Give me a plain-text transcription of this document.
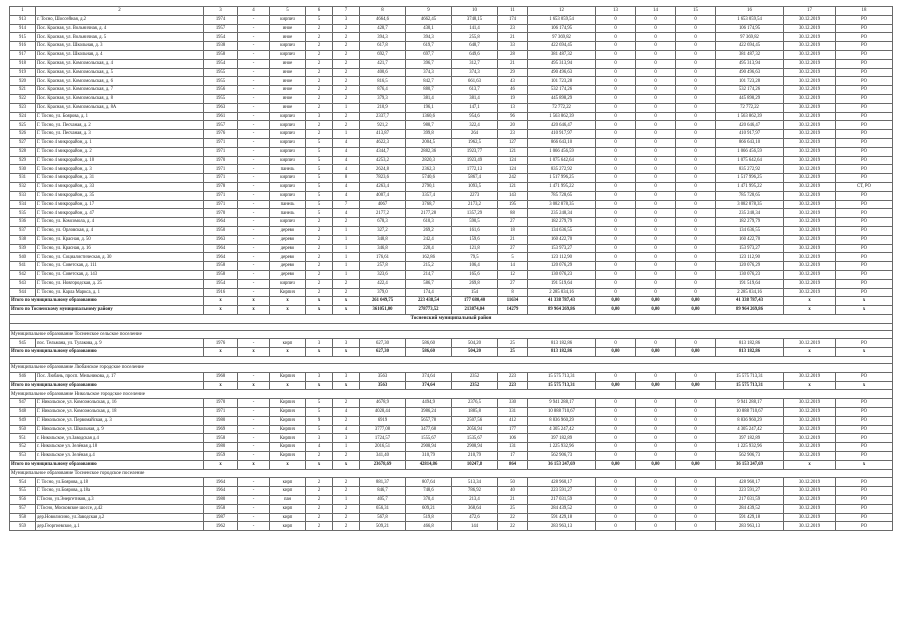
1	2	3	4	5	6	7	8	9	10	11	12	13	14	15	16	17	18
913	г. Тосно, Шоссейная, д.2	1974	-	кирпич	5	3	4664,6	4662,45	3748,15	174	1 653 059,54	0	0	0	1 653 059,54	30.12.2019	РО
914	Пос. Красная, ул. Вольничная, д. 4	1957	-	иное	2	2	428,7	430,1	141,4	23	106 174,95	0	0	0	106 174,95	30.12.2019	РО
915	Пос. Красная, ул. Вольничная, д. 5	1954	-	иное	2	2	394,3	394,3	255,8	21	97 369,82	0	0	0	97 369,82	30.12.2019	РО
916	Пос. Красная, ул. Школьная, д. 3	1938	-	кирпич	2	2	617,8	619,7	648,7	33	422 694,45	0	0	0	422 694,45	30.12.2019	РО
917	Пос. Красная, ул. Школьная, д. 4	1958	-	кирпич	2	2	692,7	697,7	649,6	28	381 487,32	0	0	0	381 487,32	30.12.2019	РО
918	Пос. Красная, ул. Комсомольская, д. 4	1954	-	иное	2	2	421,7	396,7	312,7	21	495 313,94	0	0	0	495 313,94	30.12.2019	РО
919	Пос. Красная, ул. Комсомольская, д. 5	1955	-	иное	2	2	400,6	374,3	374,3	29	490 496,63	0	0	0	490 496,63	30.12.2019	РО
920	Пос. Красная, ул. Комсомольская, д. 6	1955	-	иное	2	2	816,5	842,7	661,63	43	101 723,28	0	0	0	101 723,28	30.12.2019	РО
921	Пос. Красная, ул. Комсомольская, д. 7	1956	-	иное	2	2	876,4	880,7	613,7	46	532 174,26	0	0	0	532 174,26	30.12.2019	РО
922	Пос. Красная, ул. Комсомольская, д. 8	1955	-	иное	2	2	379,3	381,4	381,4	19	445 898,29	0	0	0	445 898,29	30.12.2019	РО
923	Пос. Красная, ул. Комсомольская, д. 8А	1963	-	иное	2	1	210,9	196,1	147,1	13	72 772,22	0	0	0	72 772,22	30.12.2019	РО
924	Г. Тосно, ул. Боярова, д. 1	1961	-	кирпич	3	2	2337,7	1360,6	954,6	96	1 563 862,39	0	0	0	1 563 862,39	30.12.2019	РО
925	Г. Тосно, ул. Песчаная, д. 2	1957	-	кирпич	2	2	921,2	988,7	322,4	20	420 646,47	0	0	0	420 646,47	30.12.2019	РО
926	Г. Тосно, ул. Песчаная, д. 3	1976	-	кирпич	2	1	413,87	399,8	264	23	410 917,97	0	0	0	410 917,97	30.12.2019	РО
927	Г. Тосно 4 микрорайон, д. 1	1971	-	кирпич	5	4	4622,3	2004,5	1962,5	127	866 643,10	0	0	0	866 643,10	30.12.2019	РО
928	Г. Тосно 4 микрорайон, д. 2	1971	-	кирпич	5	4	4344,7	2882,36	1923,77	121	1 066 456,59	0	0	0	1 066 456,59	30.12.2019	РО
929	Г. Тосно 4 микрорайон, д. 10	1970	-	кирпич	5	4	4253,2	2820,3	1923,49	124	1 075 642,64	0	0	0	1 075 642,64	30.12.2019	РО
930	Г. Тосно 4 микрорайон, д. 3	1971	-	панель	5	4	2624,8	2362,3	1772,13	124	835 272,92	0	0	0	835 272,92	30.12.2019	РО
931	Г. Тосно 4 микрорайон, д. 31	1971	-	кирпич	5	8	7823,6	5740,6	5867,4	242	1 517 996,25	0	0	0	1 517 996,25	30.12.2019	РО
932	Г. Тосно 4 микрорайон, д. 33	1978	-	кирпич	5	4	4263,4	2790,1	1093,5	121	1 471 995,22	0	0	0	1 471 995,22	30.12.2019	СТ, РО
933	Г. Тосно 4 микрорайон, д. 35	1971	-	кирпич	5	4	4007,4	3357,4	2273	143	785 728,65	0	0	0	785 728,65	30.12.2019	РО
934	Г. Тосно 4 микрорайон, д. 17	1971	-	панель	5	7	4067	3768,7	2173,2	195	3 082 878,35	0	0	0	3 082 878,35	30.12.2019	РО
935	Г. Тосно 4 микрорайон, д. 47	1970	-	панель	5	4	2177,2	2177,28	1357,29	88	235 248,34	0	0	0	235 248,34	30.12.2019	РО
936	Г. Тосно, ул. Комсомола, д. 4	1964	-	кирпич	2	2	678,3	610,3	590,5	27	182 279,79	0	0	0	182 279,79	30.12.2019	РО
937	Г. Тосно, ул. Орловская, д. 4	1950	-	дерево	2	1	327,2	269,2	161,6	18	134 636,55	0	0	0	134 636,55	30.12.2019	РО
938	Г. Тосно, ул. Красная, д. 50	1963	-	дерево	2	1	348,8	242,4	159,6	21	160 422,70	0	0	0	160 422,70	30.12.2019	РО
939	Г. Тосно, ул. Красная, д. 16	1964	-	дерево	2	1	346,8	220,4	121,8	27	153 973,27	0	0	0	153 973,27	30.12.2019	РО
940	Г. Тосно, ул. Социалистическая, д. 30	1964	-	дерево	2	1	176,61	162,86	79,5	5	123 112,90	0	0	0	123 112,90	30.12.2019	РО
941	Г. Тосно, ул. Советская, д. 111	1958	-	дерево	2	1	257,8	215,2	106,4	14	120 076,29	0	0	0	120 076,29	30.12.2019	РО
942	Г. Тосно, ул. Советская, д. 143	1958	-	дерево	2	1	323,6	214,7	165,6	12	130 076,23	0	0	0	130 076,23	30.12.2019	РО
943	Г. Тосно, ул. Новгородская, д. 25	1954	-	кирпич	2	2	422,4	586,7	269,8	27	191 519,64	0	0	0	191 519,64	30.12.2019	РО
944	Г. Тосно, ул. Карла Маркса, д. 1	1916	-	Кирпич	2	2	379,0	174,4	154	8	2 285 034,16	0	0	0	2 285 034,16	30.12.2019	РО
Итого по муниципальному образованию		x	x	x	x	x	261 049,75	223 438,54	177 680,40	11634	41 338 787,43	0,00	0,00	0,00	41 338 787,43	x	x
Итого по Тосненскому муниципальному району		x	x	x	x	x	361051,00	278773,52	213874,04	14279	89 964 269,86	0,00	0,00	0,00	89 964 269,86	x	x
Тосненский муниципальный район																	

Муниципальное образование Тосненское сельское поселение																	
945	пос. Тельмана, ул. Тулакова, д. 9	1976	-	кирп	3	3	627,30	586,60	504,20	25	813 182,86	0	0	0	813 182,86	30.12.2019	РО
Итого по муниципальному образованию		x	x	x	x	x	627,30	586,60	504,20	25	813 182,86	0,00	0,00	0,00	813 182,86	x	x

Муниципальное образование Любанское городское поселение																	
946	Пос. Любань, просп. Мельникова, д. 17	1968	-	Кирпич	3	3	3563	374,64	2352	223	15 575 713,31	0	0	0	15 575 713,31	30.12.2019	РО
Итого по муниципальному образованию		x	x	x	x	x	3563	374,64	2352	223	15 575 713,31	0,00	0,00	0,00	15 575 713,31	x	x
Муниципальное образование Никольское городское поселение																	
947	Г. Никольское, ул. Комсомольская, д. 16	1970	-	Кирпич	5	2	4678,9	4494,9	2376,5	330	9 941 288,17	0	0	0	9 941 288,17	30.12.2019	РО
948	Г. Никольское, ул. Комсомольская, д. 18	1971	-	Кирпич	5	4	4028,44	3986,24	1885,8	331	10 888 710,67	0	0	0	10 888 710,67	30.12.2019	РО
949	Г. Никольское, ул. Первомайская, д. 3	1980	-	Кирпич	9	2	6919	5657,78	2507,56	412	8 836 960,29	0	0	0	8 836 960,29	30.12.2019	РО
950	Г. Никольское, ул. Школьная, д. 9	1969	-	Кирпич	5	4	3777,08	3477,68	2056,94	177	4 305 247,42	0	0	0	4 305 247,42	30.12.2019	РО
951	г. Никольское, ул.Заводская д.4	1958	-	Кирпич	3	3	1724,57	1555,67	1535,67	106	397 182,89	0	0	0	397 182,89	30.12.2019	РО
952	г. Никольское ул. Зелёная д.18	1980	-	Кирпич	4	1	2016,51	2908,94	2908,94	131	1 225 932,96	0	0	0	1 225 932,96	30.12.2019	РО
953	г. Никольское ул. Зелёная д.4	1959	-	Кирпич	2	2	341,40	310,79	210,79	17	562 906,73	0	0	0	562 906,73	30.12.2019	РО
Итого по муниципальному образованию		x	x	x	x	x	23678,69	42814,86	10247,8	864	36 153 247,69	0,00	0,00	0,00	36 153 247,69	x	x
Муниципальное образование Тосненское городское поселение																	
954	Г. Тосно, ул.Боярова, д.18	1964	-	кирп	2	2	881,37	807,64	513,34	50	428 960,17	0	0	0	428 960,17	30.12.2019	РО
955	Г. Тосно, ул.Боярова, д.18а	1964	-	кирп	2	2	846,7	748,6	786,92	40	223 591,27	0	0	0	223 591,27	30.12.2019	РО
956	Г.Тосно, ул.Энергетиков, д.3	1980	-	пан	2	1	405,7	370,4	213,4	21	217 031,59	0	0	0	217 031,59	30.12.2019	РО
957	Г.Тосно, Московское шоссе, д.42	1958	-	кирп	2	2	656,31	609,21	368,64	25	284 439,52	0	0	0	284 439,52	30.12.2019	РО
958	дер.Новолисино, ул.Заводская д.2	1987	-	кирп	2	2	567,8	519,8	472,6	22	591 429,18	0	0	0	591 429,18	30.12.2019	РО
959	дер.Георгиевское, д.1	1962	-	кирп	2	2	509,21	466,8	144	22	283 963,13	0	0	0	283 963,13	30.12.2019	РО
